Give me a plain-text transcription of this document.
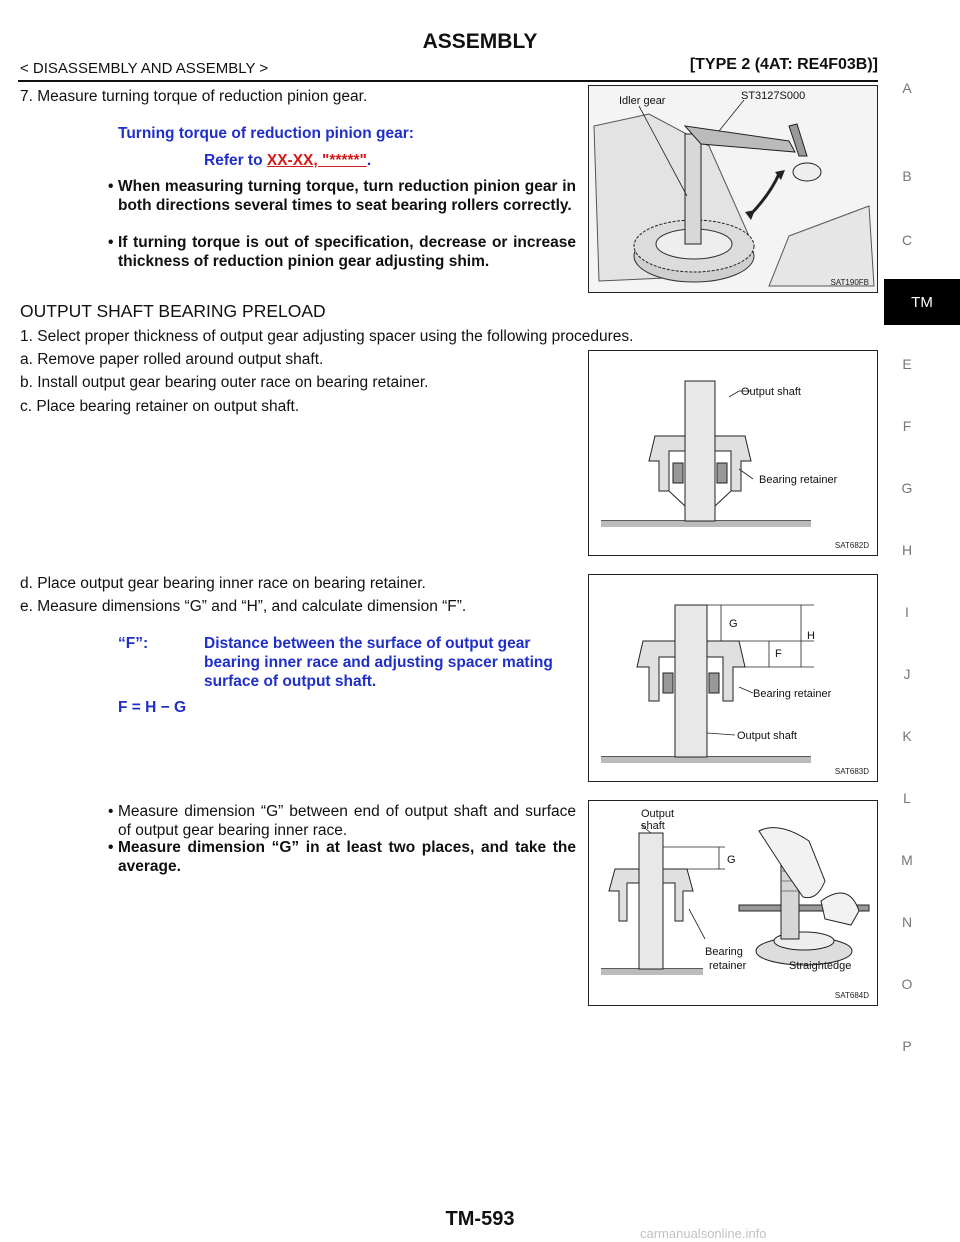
ASSEMBLY
< DISASSEMBLY AND ASSEMBLY >	[TYPE 2 (4AT: RE4F03B)]
A
B
C
TM
E
F
G
H
I
J
K
L
M
N
O
P
7. Measure turning torque of reduction pinion gear.
Turning torque of reduction pinion gear:
Refer to XX-XX, "*****".
• When measuring turning torque, turn reduction pinion gear in both directions several times to seat bearing rollers correctly.
• If turning torque is out of specification, decrease or increase thickness of reduction pinion gear adjusting shim.
Idler gear	ST3127S000
SAT190FB
OUTPUT SHAFT BEARING PRELOAD
1. Select proper thickness of output gear adjusting spacer using the following procedures.
a. Remove paper rolled around output shaft.
b. Install output gear bearing outer race on bearing retainer.
c. Place bearing retainer on output shaft.
Output shaft
Bearing retainer
SAT682D
d. Place output gear bearing inner race on bearing retainer.
e. Measure dimensions “G” and “H”, and calculate dimension “F”.
“F”:	Distance between the surface of output gear bearing inner race and adjusting spacer mating surface of output shaft.
F = H − G
G
H
F
Bearing retainer
Output shaft
SAT683D
• Measure dimension “G” between end of output shaft and surface of output gear bearing inner race.
• Measure dimension “G” in at least two places, and take the average.
Output
shaft
G
Bearing
retainer	Straightedge
SAT684D
TM-593
carmanualsonline.info
